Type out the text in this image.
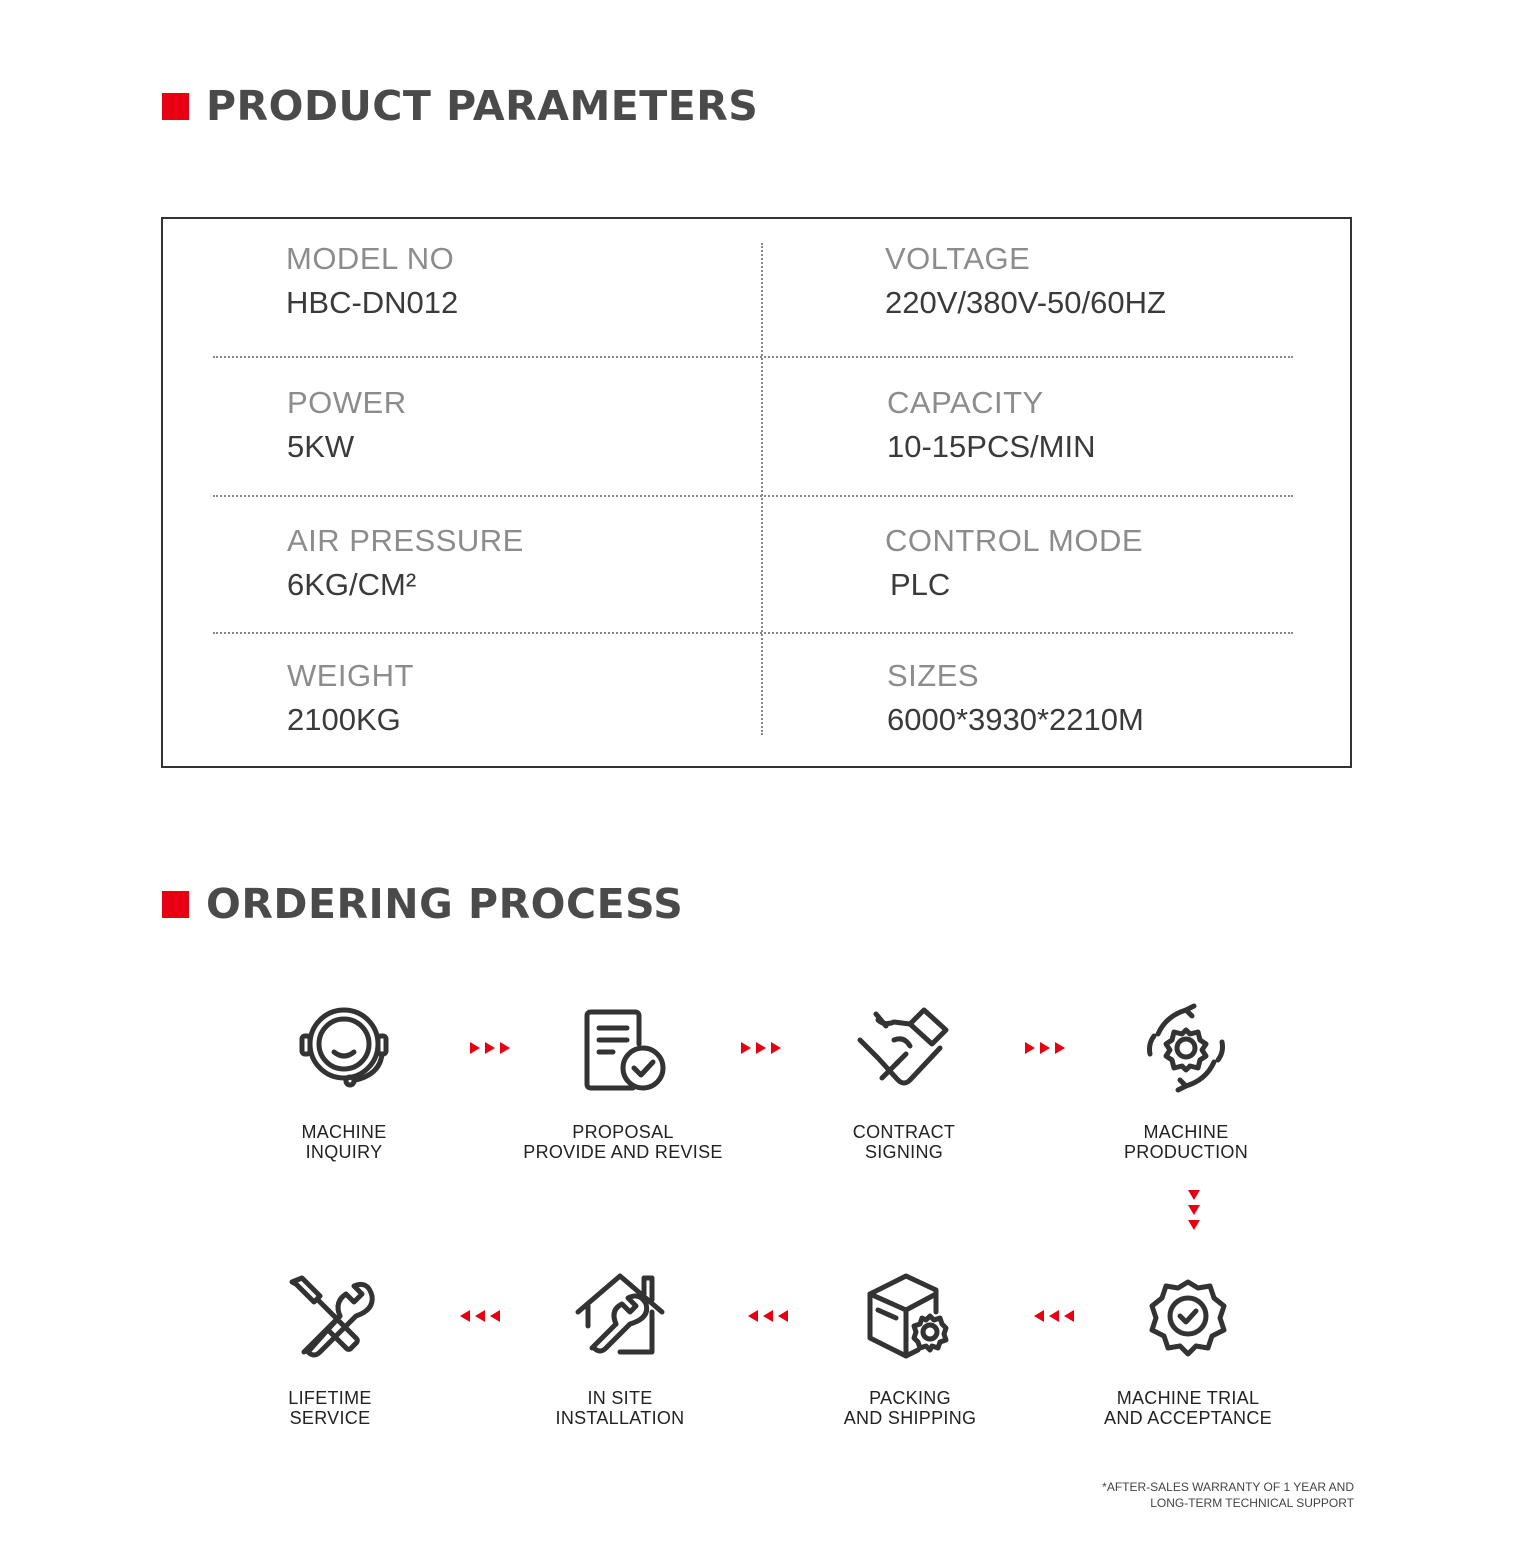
PRODUCT PARAMETERS
MODEL NO
HBC-DN012
VOLTAGE
220V/380V-50/60HZ
POWER
5KW
CAPACITY
10-15PCS/MIN
AIR PRESSURE
6KG/CM²
CONTROL MODE
PLC
WEIGHT
2100KG
SIZES
6000*3930*2210M
ORDERING PROCESS
MACHINE
INQUIRY
PROPOSAL
PROVIDE AND REVISE
CONTRACT
SIGNING
MACHINE
PRODUCTION
MACHINE TRIAL
AND ACCEPTANCE
PACKING
AND SHIPPING
IN SITE
INSTALLATION
LIFETIME
SERVICE
*AFTER-SALES WARRANTY OF 1 YEAR AND
LONG-TERM TECHNICAL SUPPORT
